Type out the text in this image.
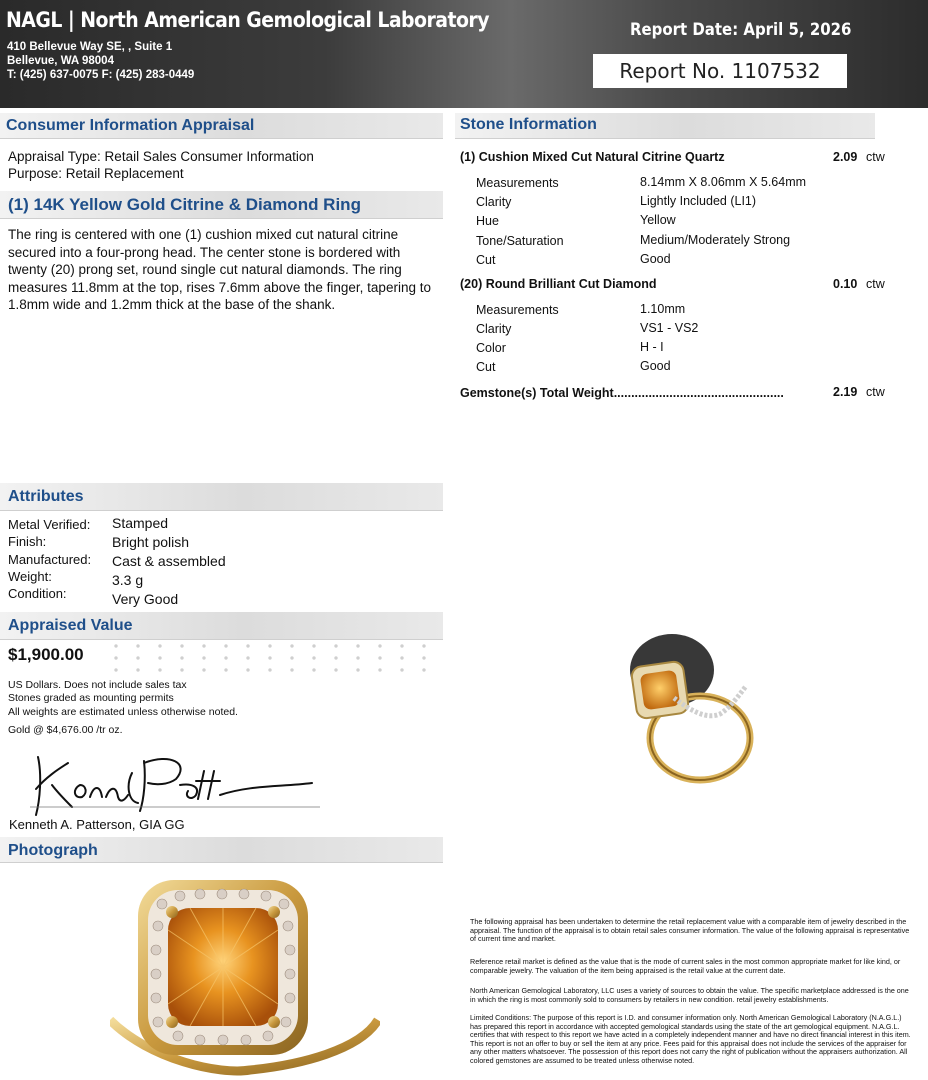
NAGL | North American Gemological Laboratory
410 Bellevue Way SE, , Suite 1
Bellevue, WA 98004
T: (425) 637-0075 F: (425) 283-0449
Report Date: April 5, 2026
Report No. 1107532
Consumer Information Appraisal
Appraisal Type: Retail Sales Consumer Information
Purpose: Retail Replacement
(1) 14K Yellow Gold Citrine & Diamond Ring
The ring is centered with one (1) cushion mixed cut natural citrine secured into a four-prong head. The center stone is bordered with twenty (20) prong set, round single cut natural diamonds. The ring measures 11.8mm at the top, rises 7.6mm above the finger, tapering to 1.8mm wide and 1.2mm thick at the base of the shank.
Stone Information
(1) Cushion Mixed Cut Natural Citrine Quartz	2.09 ctw
Measurements	8.14mm X 8.06mm X 5.64mm
Clarity	Lightly Included (LI1)
Hue	Yellow
Tone/Saturation	Medium/Moderately Strong
Cut	Good
(20) Round Brilliant Cut Diamond	0.10 ctw
Measurements	1.10mm
Clarity	VS1 - VS2
Color	H - I
Cut	Good
Gemstone(s) Total Weight.................................................	2.19 ctw
Attributes
Metal Verified: Stamped
Finish:	Bright polish
Manufactured: Cast & assembled
Weight:	3.3 g
Condition:	Very Good
Appraised Value
$1,900.00
US Dollars. Does not include sales tax
Stones graded as mounting permits
All weights are estimated unless otherwise noted.
Gold @ $4,676.00 /tr oz.
Kenneth A. Patterson, GIA GG
Photograph
The following appraisal has been undertaken to determine the retail replacement value with a comparable item of jewelry described in the appraisal. The function of the appraisal is to obtain retail sales consumer information. The value of the following appraisal is representative of current time and market.
Reference retail market is defined as the value that is the mode of current sales in the most common appropriate market for like kind, or comparable jewelry. The valuation of the item being appraised is the retail value at the current date.
North American Gemological Laboratory, LLC uses a variety of sources to obtain the value. The specific marketplace addressed is the one in which the ring is most commonly sold to consumers by retailers in new condition. retail jewelry establishments.
Limited Conditions: The purpose of this report is I.D. and consumer information only. North American Gemological Laboratory (N.A.G.L.) has prepared this report in accordance with accepted gemological standards using the state of the art gemological equipment. N.A.G.L. certifies that with respect to this report we have acted in a completely independent manner and have no direct financial interest in this item. This report is not an offer to buy or sell the item at any price. Fees paid for this appraisal does not include the services of the appraiser for any other matters whatsoever. The possession of this report does not carry the right of publication without the appraisers authorization. All colored gemstones are assumed to be treated unless otherwise noted.
